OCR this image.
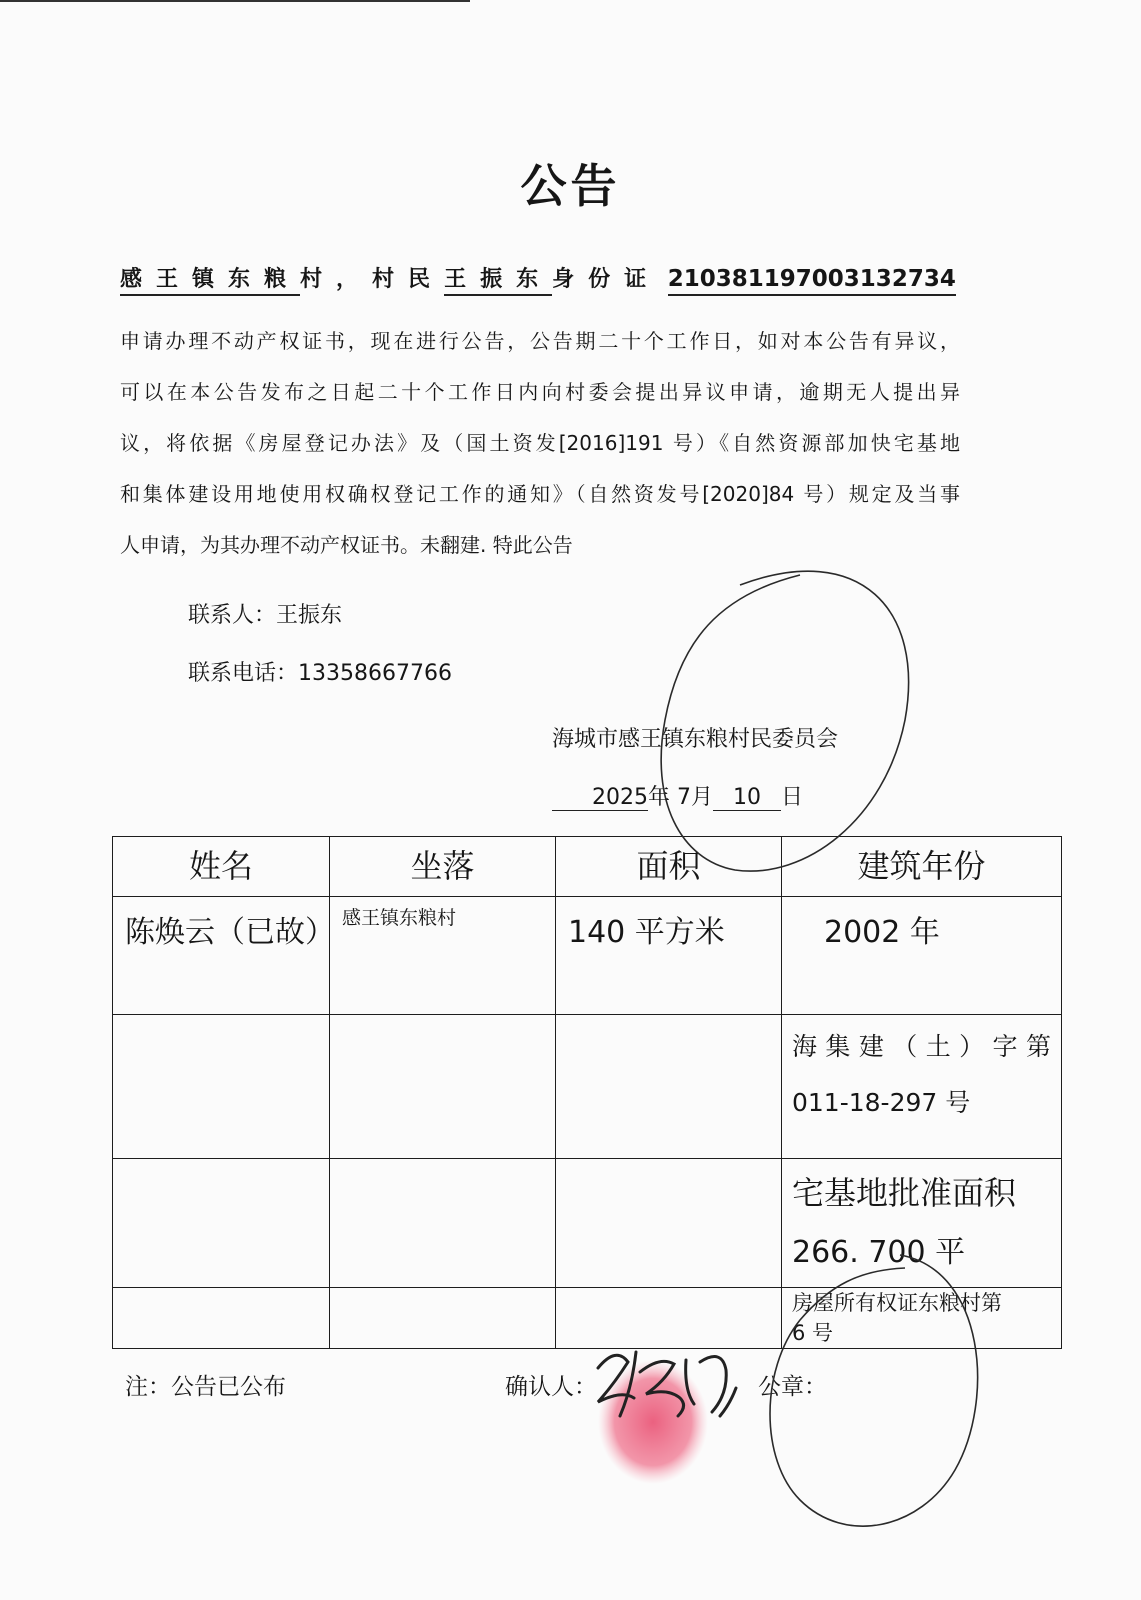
公告
感王镇东粮村，村民王振东身份证 210381197003132734
申请办理不动产权证书，现在进行公告，公告期二十个工作日，如对本公告有异议，
可以在本公告发布之日起二十个工作日内向村委会提出异议申请，逾期无人提出异
议，将依据《房屋登记办法》及（国土资发[2016]191 号）《自然资源部加快宅基地
和集体建设用地使用权确权登记工作的通知》（自然资发号[2020]84 号）规定及当事
人申请，为其办理不动产权证书。未翻建. 特此公告
联系人：王振东
联系电话：13358667766
海城市感王镇东粮村民委员会
2025年 7月 10 日
姓名	坐落	面积	建筑年份
陈焕云（已故）	感王镇东粮村	140 平方米	2002 年

			海集建（土）字第
011-18-297 号

			宅基地批准面积
266. 700 平

			房屋所有权证东粮村第
6 号
注：公告已公布	确认人：	公章：
